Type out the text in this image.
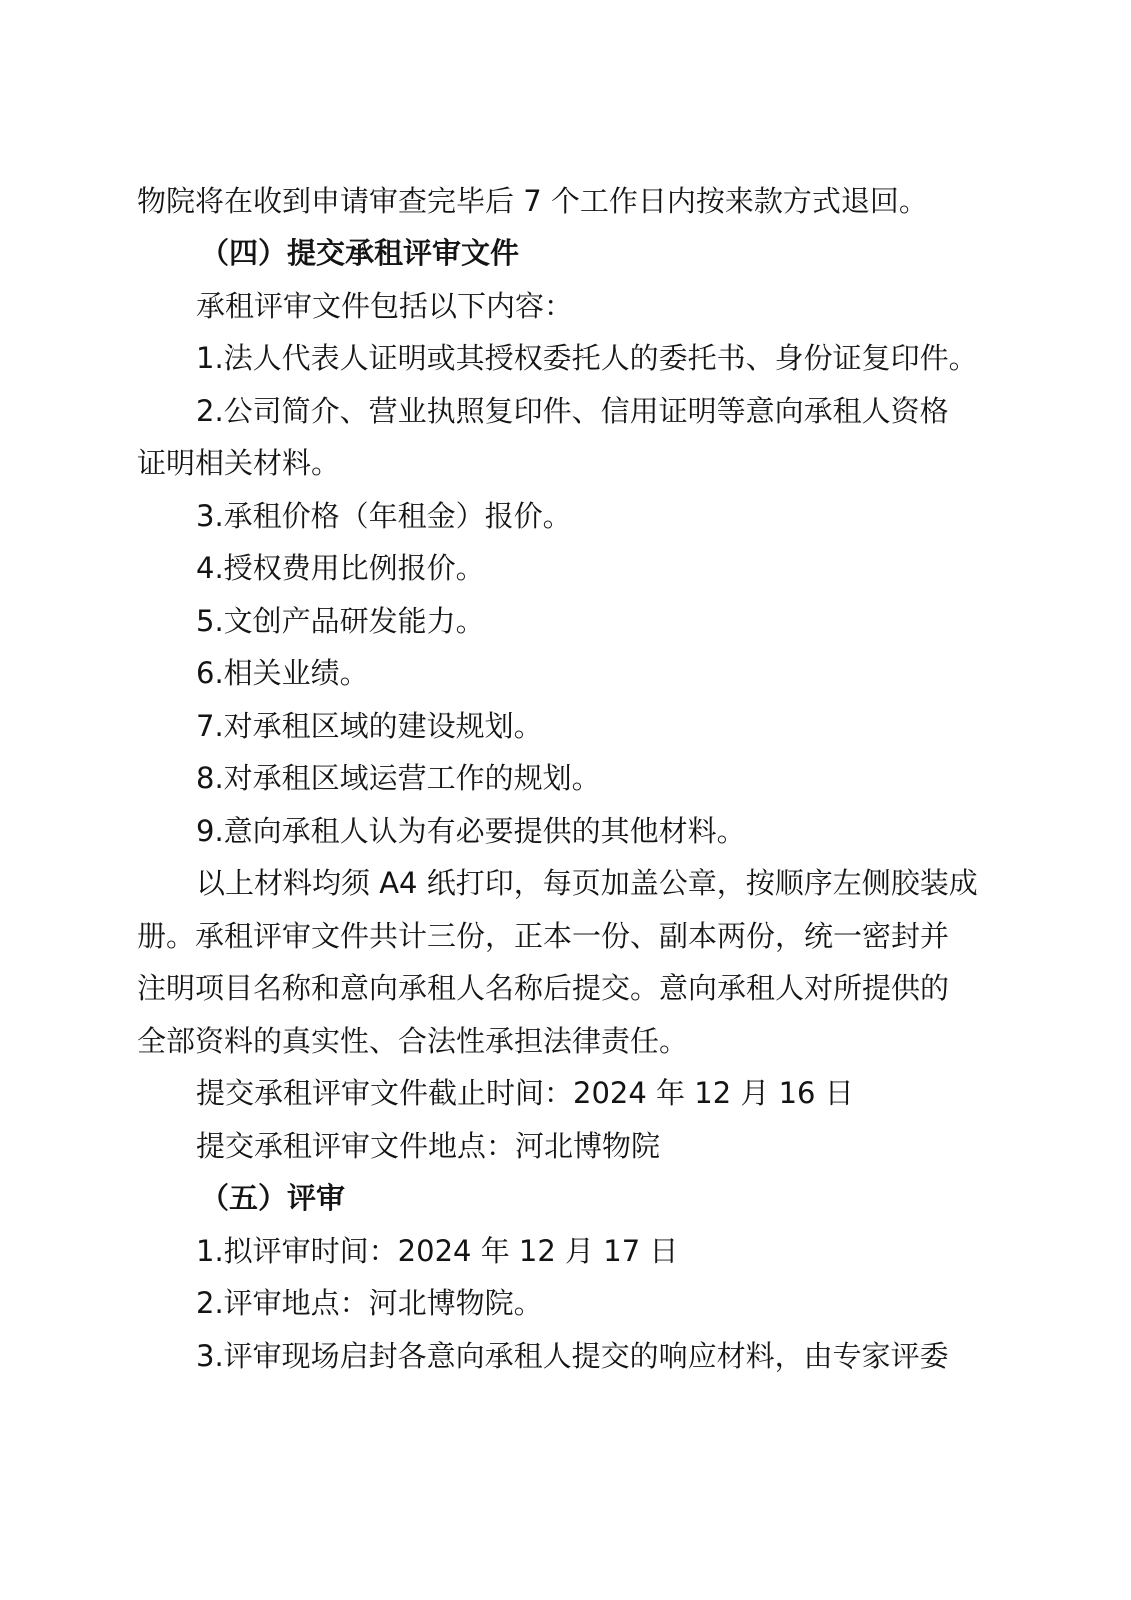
物院将在收到申请审查完毕后 7 个工作日内按来款方式退回。
（四）提交承租评审文件
承租评审文件包括以下内容：
1.法人代表人证明或其授权委托人的委托书、身份证复印件。
2.公司简介、营业执照复印件、信用证明等意向承租人资格
证明相关材料。
3.承租价格（年租金）报价。
4.授权费用比例报价。
5.文创产品研发能力。
6.相关业绩。
7.对承租区域的建设规划。
8.对承租区域运营工作的规划。
9.意向承租人认为有必要提供的其他材料。
以上材料均须 A4 纸打印，每页加盖公章，按顺序左侧胶装成
册。承租评审文件共计三份，正本一份、副本两份，统一密封并
注明项目名称和意向承租人名称后提交。意向承租人对所提供的
全部资料的真实性、合法性承担法律责任。
提交承租评审文件截止时间：2024 年 12 月 16 日
提交承租评审文件地点：河北博物院
（五）评审
1.拟评审时间：2024 年 12 月 17 日
2.评审地点：河北博物院。
3.评审现场启封各意向承租人提交的响应材料，由专家评委
